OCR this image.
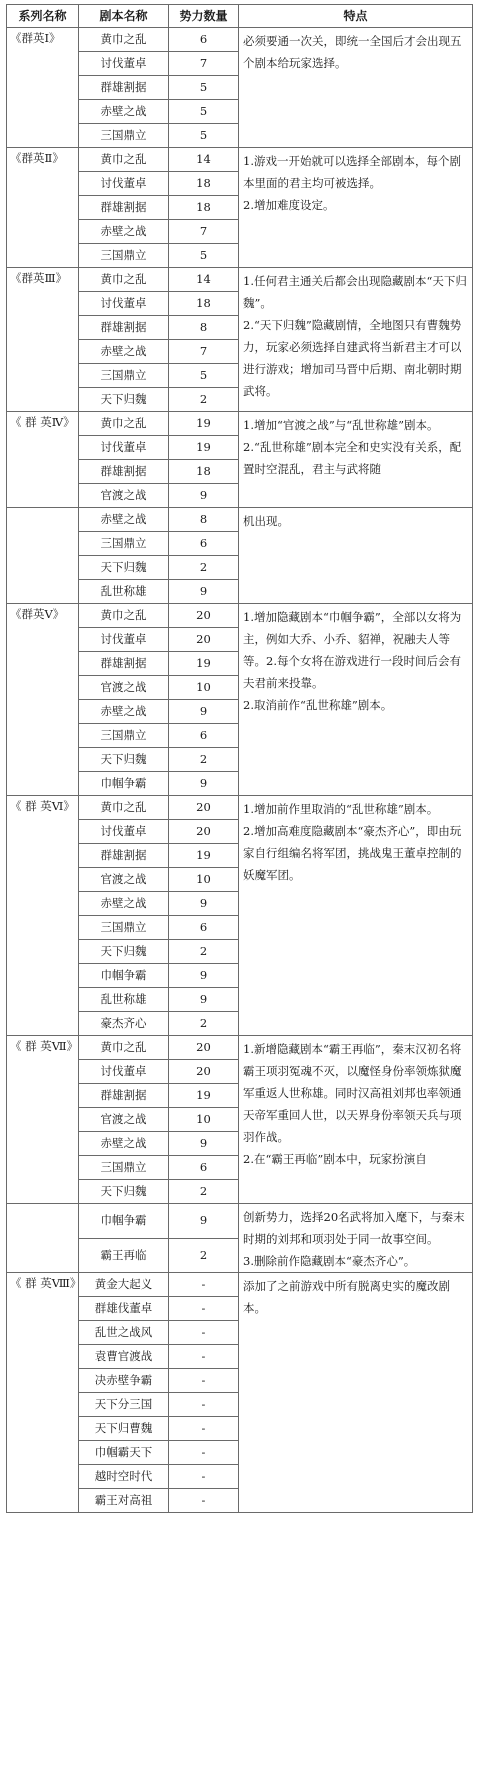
系列名称	剧本名称	势力数量	特点
《群英Ⅰ》	黄巾之乱	6	必须要通一次关，即统一全国后才会出现五个剧本给玩家选择。

	讨伐董卓	7	
	群雄割据	5	
	赤壁之战	5	
	三国鼎立	5	
《群英Ⅱ》	黄巾之乱	14	1.游戏一开始就可以选择全部剧本，每个剧本里面的君主均可被选择。
2.增加难度设定。

	讨伐董卓	18	
	群雄割据	18	
	赤壁之战	7	
	三国鼎立	5	
《群英Ⅲ》	黄巾之乱	14	1.任何君主通关后都会出现隐藏剧本“天下归魏”。
2.“天下归魏”隐藏剧情，全地图只有曹魏势力，玩家必须选择自建武将当新君主才可以进行游戏；增加司马晋中后期、南北朝时期武将。

	讨伐董卓	18	
	群雄割据	8	
	赤壁之战	7	
	三国鼎立	5	
	天下归魏	2	
《 群 英Ⅳ》	黄巾之乱	19	1.增加“官渡之战”与“乱世称雄”剧本。
2.“乱世称雄”剧本完全和史实没有关系，配置时空混乱，君主与武将随

	讨伐董卓	19	
	群雄割据	18	
	官渡之战	9	
	赤壁之战	8	机出现。

	三国鼎立	6	
	天下归魏	2	
	乱世称雄	9	
《群英Ⅴ》	黄巾之乱	20	1.增加隐藏剧本“巾帼争霸”，全部以女将为主，例如大乔、小乔、貂禅，祝融夫人等等。2.每个女将在游戏进行一段时间后会有夫君前来投靠。
2.取消前作“乱世称雄”剧本。

	讨伐董卓	20	
	群雄割据	19	
	官渡之战	10	
	赤壁之战	9	
	三国鼎立	6	
	天下归魏	2	
	巾帼争霸	9	
《 群 英Ⅵ》	黄巾之乱	20	1.增加前作里取消的“乱世称雄”剧本。
2.增加高难度隐藏剧本“豪杰齐心”，即由玩家自行组编名将军团，挑战鬼王董卓控制的妖魔军团。

	讨伐董卓	20	
	群雄割据	19	
	官渡之战	10	
	赤壁之战	9	
	三国鼎立	6	
	天下归魏	2	
	巾帼争霸	9	
	乱世称雄	9	
	豪杰齐心	2	
《 群 英Ⅶ》	黄巾之乱	20	1.新增隐藏剧本“霸王再临”，秦末汉初名将霸王项羽冤魂不灭，以魔怪身份率领炼狱魔军重返人世称雄。同时汉高祖刘邦也率领通天帝军重回人世，以天界身份率领天兵与项羽作战。
2.在“霸王再临”剧本中，玩家扮演自

	讨伐董卓	20	
	群雄割据	19	
	官渡之战	10	
	赤壁之战	9	
	三国鼎立	6	
	天下归魏	2	
	巾帼争霸	9	创新势力，选择20名武将加入麾下，与秦末时期的刘邦和项羽处于同一故事空间。
3.删除前作隐藏剧本“豪杰齐心”。

	霸王再临	2	
《 群 英Ⅷ》	黄金大起义	-	添加了之前游戏中所有脱离史实的魔改剧本。

	群雄伐董卓	-	
	乱世之战风	-	
	袁曹官渡战	-	
	决赤壁争霸	-	
	天下分三国	-	
	天下归曹魏	-	
	巾帼霸天下	-	
	越时空时代	-	
	霸王对高祖	-	
